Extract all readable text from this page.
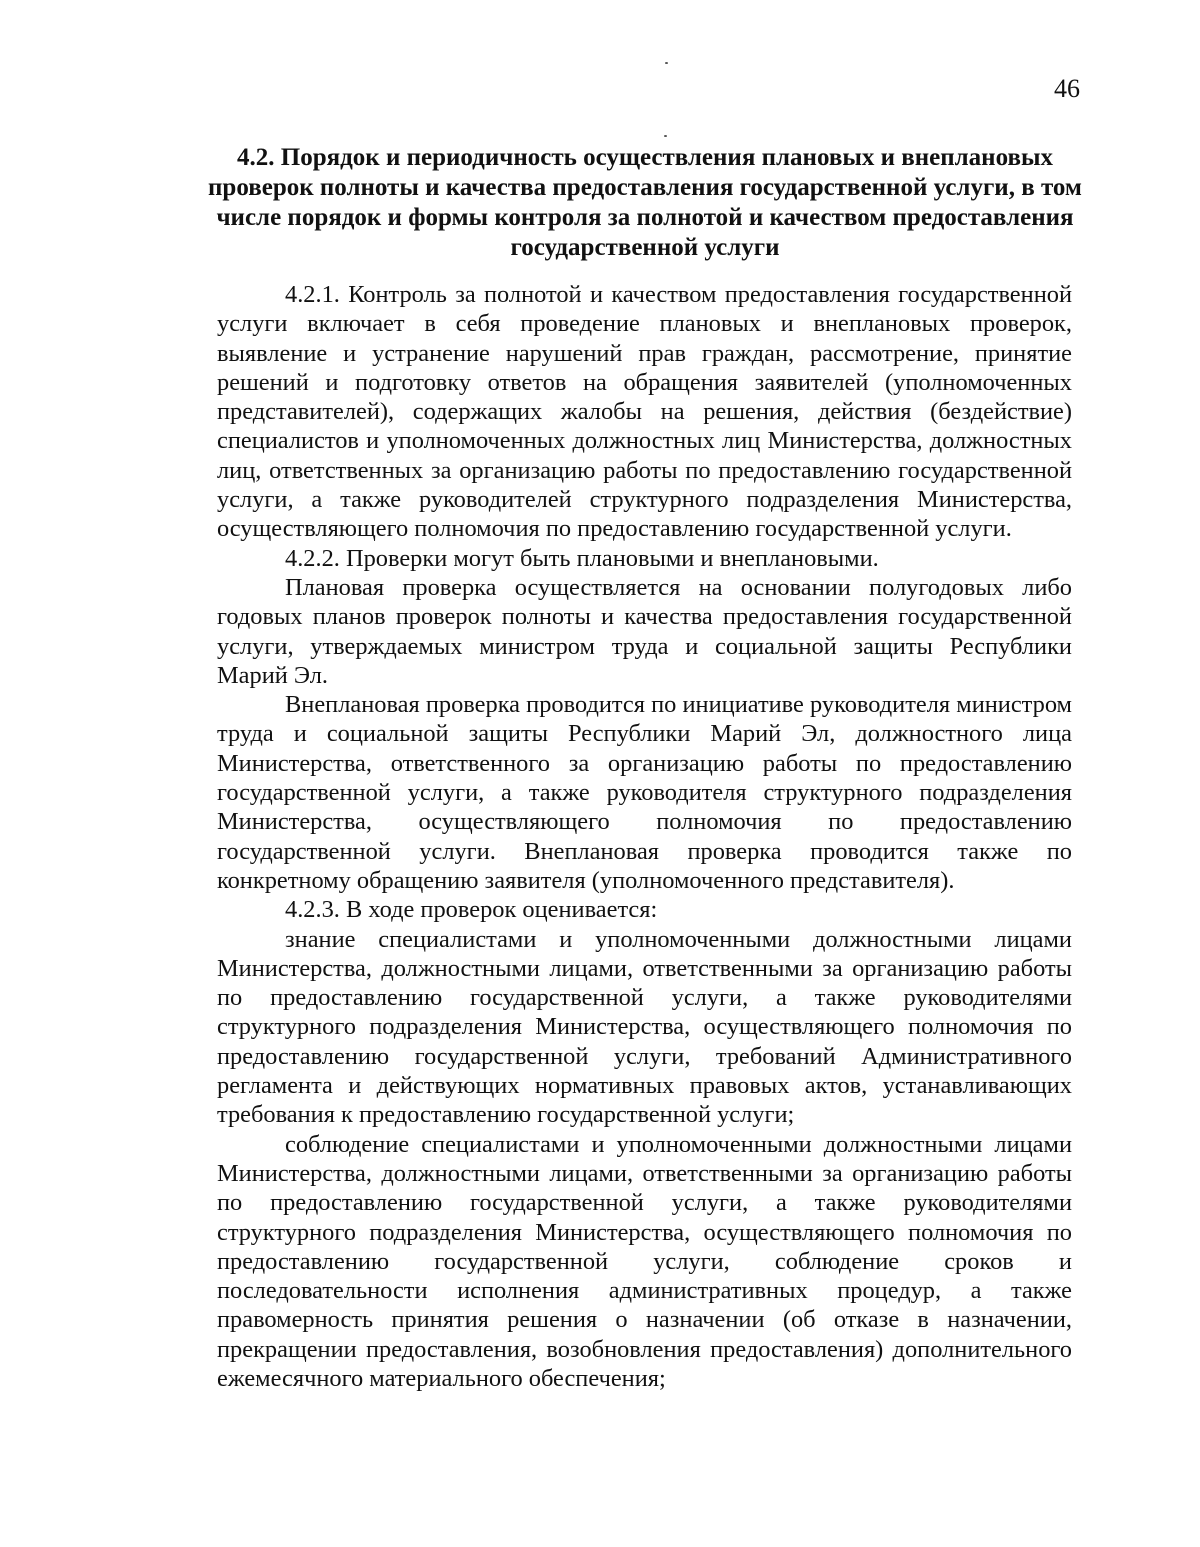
46
4.2. Порядок и периодичность осуществления плановых и внеплановых проверок полноты и качества предоставления государственной услуги, в том числе порядок и формы контроля за полнотой и качеством предоставления государственной услуги

4.2.1. Контроль за полнотой и качеством предоставления государственной услуги включает в себя проведение плановых и внеплановых проверок, выявление и устранение нарушений прав граждан, рассмотрение, принятие решений и подготовку ответов на обращения заявителей (уполномоченных представителей), содержащих жалобы на решения, действия (бездействие) специалистов и уполномоченных должностных лиц Министерства, должностных лиц, ответственных за организацию работы по предоставлению государственной услуги, а также руководителей структурного подразделения Министерства, осуществляющего полномочия по предоставлению государственной услуги.

4.2.2. Проверки могут быть плановыми и внеплановыми.

Плановая проверка осуществляется на основании полугодовых либо годовых планов проверок полноты и качества предоставления государственной услуги, утверждаемых министром труда и социальной защиты Республики Марий Эл.

Внеплановая проверка проводится по инициативе руководителя министром труда и социальной защиты Республики Марий Эл, должностного лица Министерства, ответственного за организацию работы по предоставлению государственной услуги, а также руководителя структурного подразделения Министерства, осуществляющего полномочия по предоставлению государственной услуги. Внеплановая проверка проводится также по конкретному обращению заявителя (уполномоченного представителя).

4.2.3. В ходе проверок оценивается:

знание специалистами и уполномоченными должностными лицами Министерства, должностными лицами, ответственными за организацию работы по предоставлению государственной услуги, а также руководителями структурного подразделения Министерства, осуществляющего полномочия по предоставлению государственной услуги, требований Административного регламента и действующих нормативных правовых актов, устанавливающих требования к предоставлению государственной услуги;

соблюдение специалистами и уполномоченными должностными лицами Министерства, должностными лицами, ответственными за организацию работы по предоставлению государственной услуги, а также руководителями структурного подразделения Министерства, осуществляющего полномочия по предоставлению государственной услуги, соблюдение сроков и последовательности исполнения административных процедур, а также правомерность принятия решения о назначении (об отказе в назначении, прекращении предоставления, возобновления предоставления) дополнительного ежемесячного материального обеспечения;
